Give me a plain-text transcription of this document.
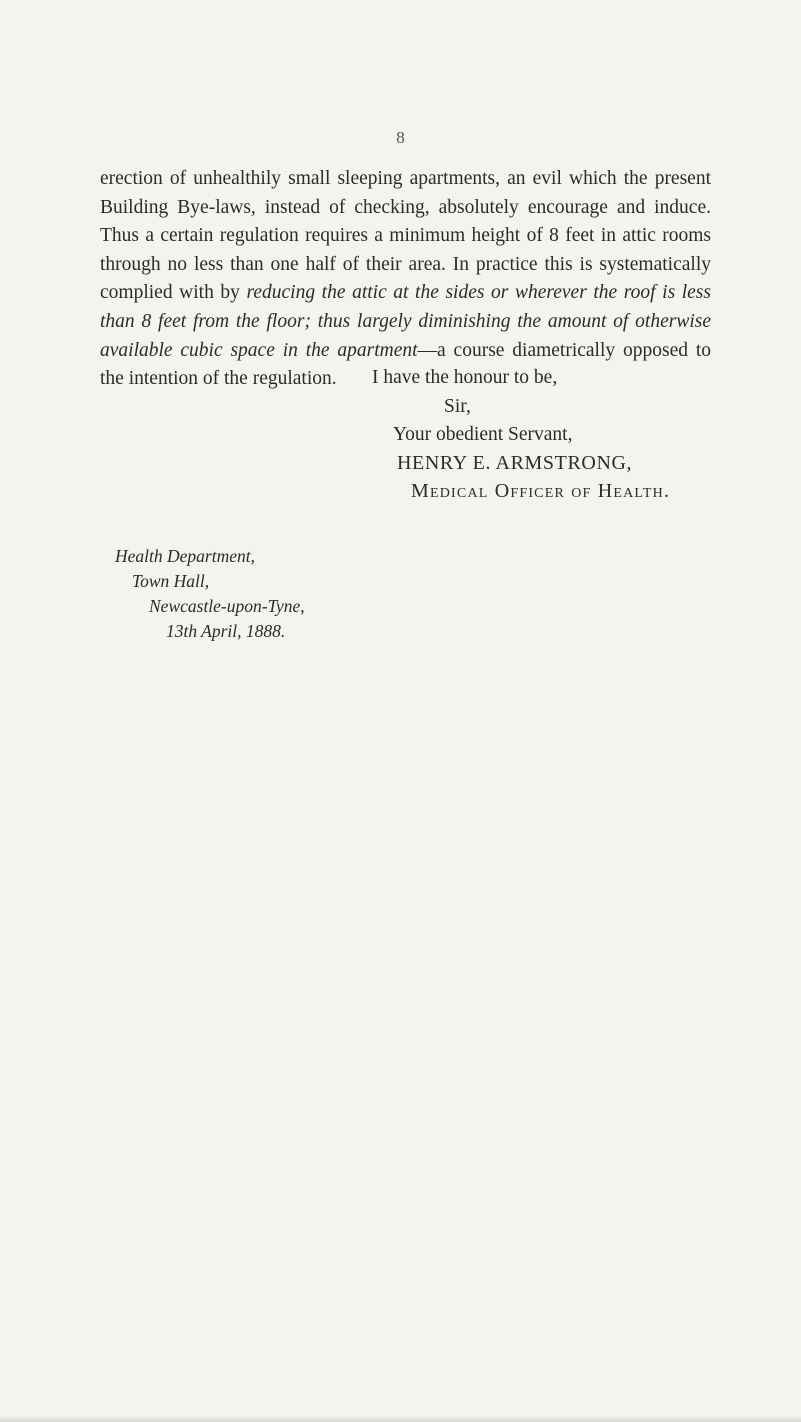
8
erection of unhealthily small sleeping apartments, an evil which the present Building Bye-laws, instead of checking, absolutely encourage and induce. Thus a certain regulation requires a minimum height of 8 feet in attic rooms through no less than one half of their area. In practice this is systematically complied with by reducing the attic at the sides or wherever the roof is less than 8 feet from the floor; thus largely diminishing the amount of otherwise available cubic space in the apartment—a course diametrically opposed to the intention of the regulation.	I have the honour to be,
Sir,
Your obedient Servant,
HENRY E. ARMSTRONG,
Medical Officer of Health.
Health Department,
Town Hall,
Newcastle-upon-Tyne,
13th April, 1888.
